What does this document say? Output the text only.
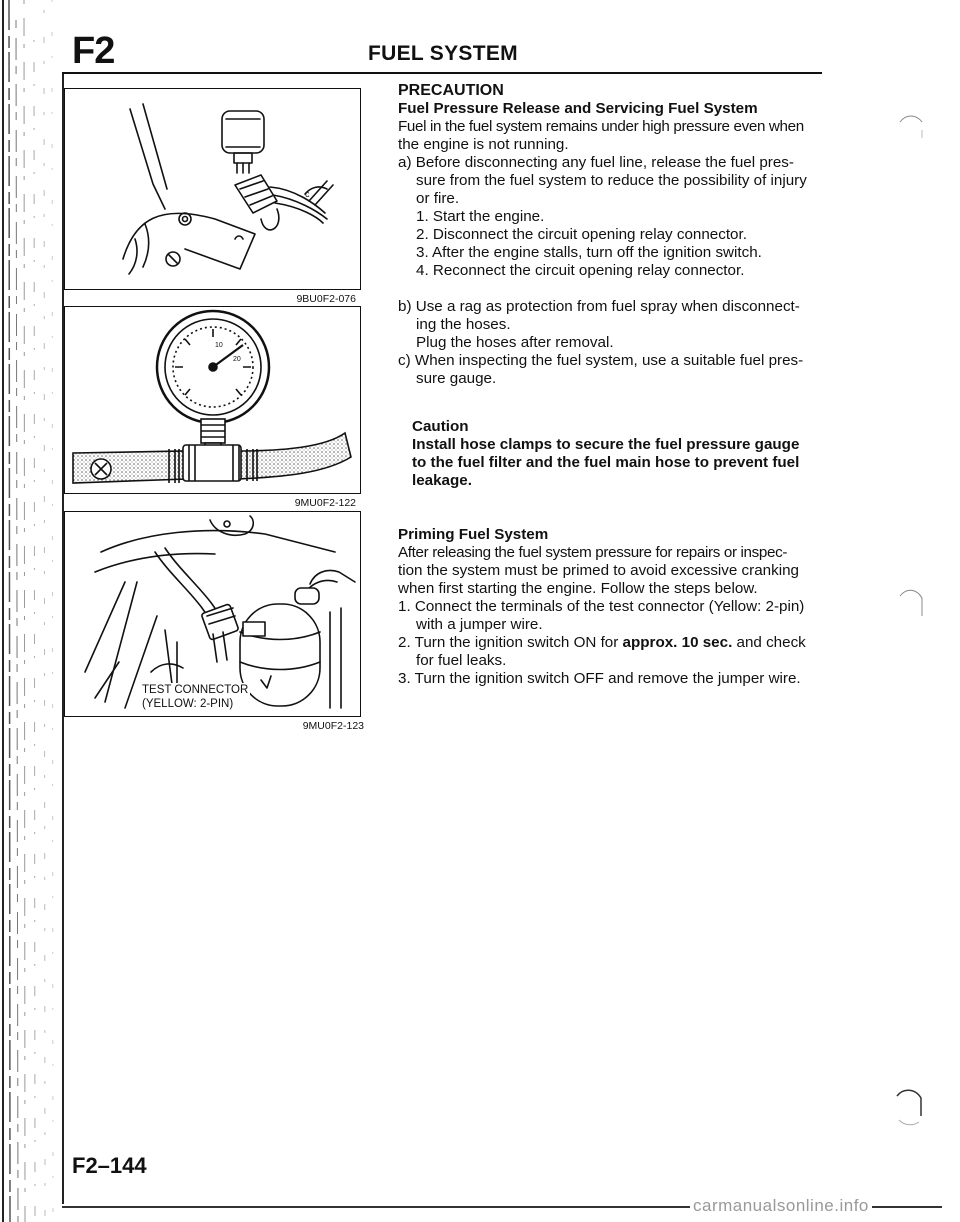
F2	FUEL SYSTEM
c
9BU0F2-076
10
20
9MU0F2-122
TEST CONNECTOR
(YELLOW: 2-PIN)
9MU0F2-123

PRECAUTION

Fuel Pressure Release and Servicing Fuel System

Fuel in the fuel system remains under high pressure even when

the engine is not running.

a) Before disconnecting any fuel line, release the fuel pres-

sure from the fuel system to reduce the possibility of injury

or fire.

1. Start the engine.

2. Disconnect the circuit opening relay connector.

3. After the engine stalls, turn off the ignition switch.

4. Reconnect the circuit opening relay connector.

b) Use a rag as protection from fuel spray when disconnect-

ing the hoses.

Plug the hoses after removal.

c) When inspecting the fuel system, use a suitable fuel pres-

sure gauge.

Caution

Install hose clamps to secure the fuel pressure gauge

to the fuel filter and the fuel main hose to prevent fuel

leakage.

Priming Fuel System

After releasing the fuel system pressure for repairs or inspec-

tion the system must be primed to avoid excessive cranking

when first starting the engine. Follow the steps below.

1. Connect the terminals of the test connector (Yellow: 2-pin)

with a jumper wire.

2. Turn the ignition switch ON for approx. 10 sec. and check

for fuel leaks.

3. Turn the ignition switch OFF and remove the jumper wire.

F2–144
carmanualsonline.info
